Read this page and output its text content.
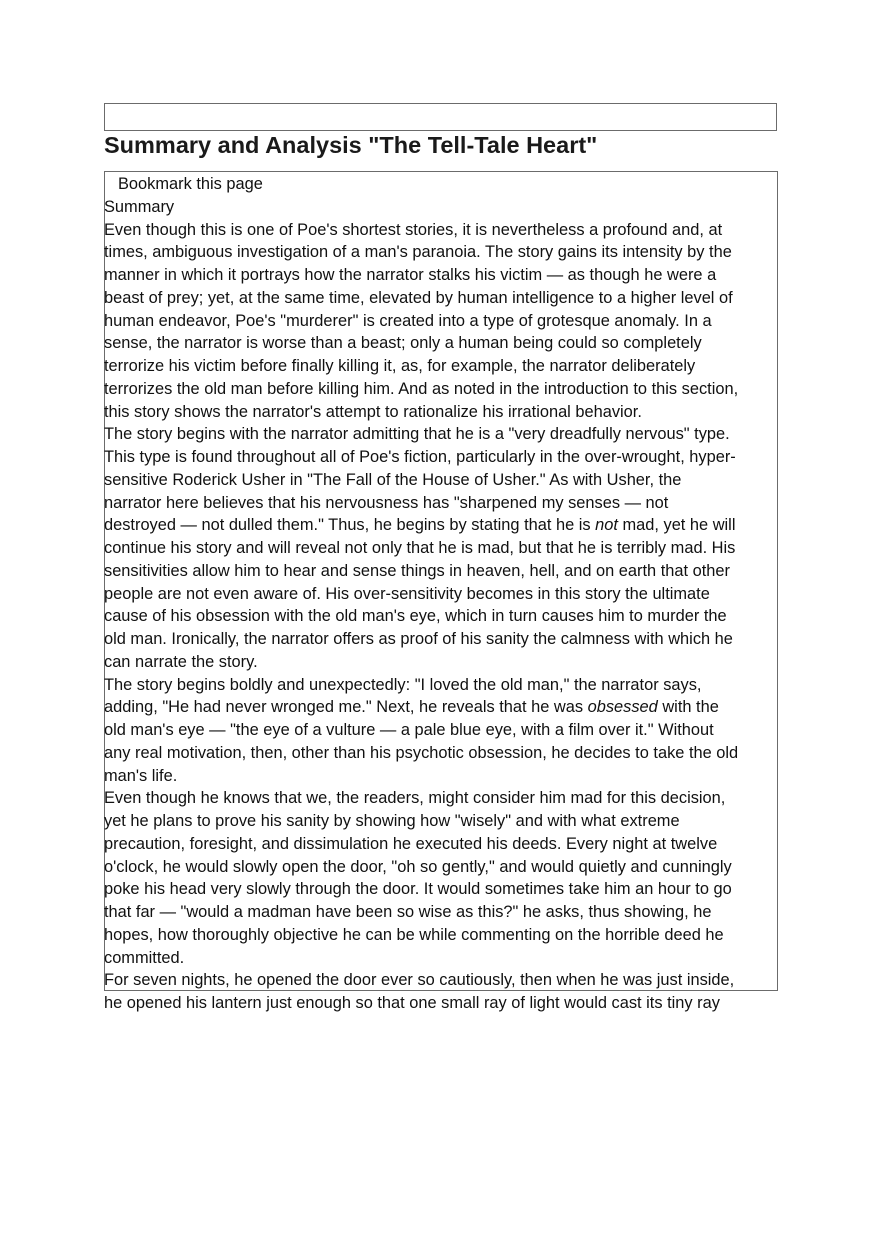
Summary and Analysis "The Tell-Tale Heart"
Bookmark this page
Summary
Even though this is one of Poe's shortest stories, it is nevertheless a profound and, at
times, ambiguous investigation of a man's paranoia. The story gains its intensity by the
manner in which it portrays how the narrator stalks his victim — as though he were a
beast of prey; yet, at the same time, elevated by human intelligence to a higher level of
human endeavor, Poe's "murderer" is created into a type of grotesque anomaly. In a
sense, the narrator is worse than a beast; only a human being could so completely
terrorize his victim before finally killing it, as, for example, the narrator deliberately
terrorizes the old man before killing him. And as noted in the introduction to this section,
this story shows the narrator's attempt to rationalize his irrational behavior.
The story begins with the narrator admitting that he is a "very dreadfully nervous" type.
This type is found throughout all of Poe's fiction, particularly in the over-wrought, hyper-
sensitive Roderick Usher in "The Fall of the House of Usher." As with Usher, the
narrator here believes that his nervousness has "sharpened my senses — not
destroyed — not dulled them." Thus, he begins by stating that he is not mad, yet he will
continue his story and will reveal not only that he is mad, but that he is terribly mad. His
sensitivities allow him to hear and sense things in heaven, hell, and on earth that other
people are not even aware of. His over-sensitivity becomes in this story the ultimate
cause of his obsession with the old man's eye, which in turn causes him to murder the
old man. Ironically, the narrator offers as proof of his sanity the calmness with which he
can narrate the story.
The story begins boldly and unexpectedly: "I loved the old man," the narrator says,
adding, "He had never wronged me." Next, he reveals that he was obsessed with the
old man's eye — "the eye of a vulture — a pale blue eye, with a film over it." Without
any real motivation, then, other than his psychotic obsession, he decides to take the old
man's life.
Even though he knows that we, the readers, might consider him mad for this decision,
yet he plans to prove his sanity by showing how "wisely" and with what extreme
precaution, foresight, and dissimulation he executed his deeds. Every night at twelve
o'clock, he would slowly open the door, "oh so gently," and would quietly and cunningly
poke his head very slowly through the door. It would sometimes take him an hour to go
that far — "would a madman have been so wise as this?" he asks, thus showing, he
hopes, how thoroughly objective he can be while commenting on the horrible deed he
committed.
For seven nights, he opened the door ever so cautiously, then when he was just inside,
he opened his lantern just enough so that one small ray of light would cast its tiny ray
